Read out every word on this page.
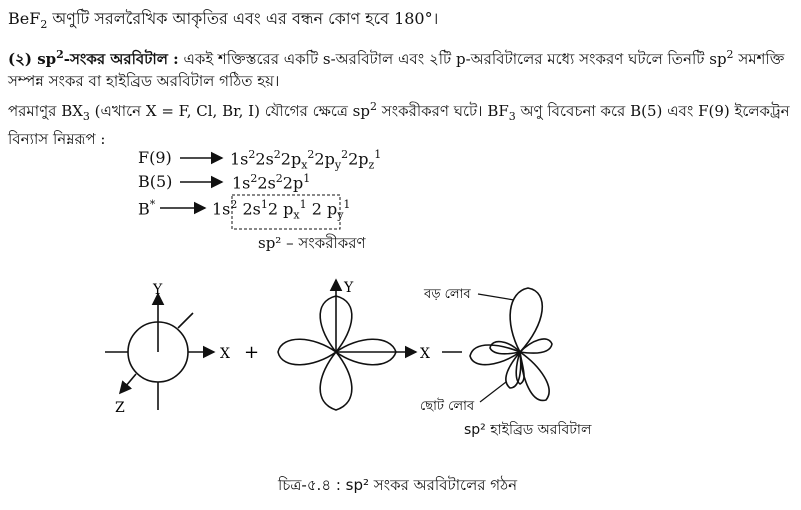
BeF$_2$ অণুটি সরলরৈখিক আকৃতির এবং এর বন্ধন কোণ হবে 180°।
(২) $sp^2-সংকর$ অরবিটাল : একই শক্তিস্তরের একটি s-অরবিটাল এবং ২টি p-অরবিটালের মধ্যে সংকরণ ঘটলে তিনটি $sp^2$ সমশক্তি সম্পন্ন সংকর বা হাইব্রিড অরবিটাল গঠিত হয়।
পরমাণুর $BX_3$ (এখানে X = F, Cl, Br, I) যৌগের ক্ষেত্রে $sp^2$ সংকরীকরণ ঘটে। $BF_3$ অণু বিবেচনা করে B(5) এবং F(9) ইলেকট্রন বিন্যাস নিম্নরূপ :
F(9)
B(5)
B*
$1s^22s^22p_x^22p_y^22p_z^1$
$1s^22s^22p^1$
$1s^2$ $2s^12$ $p_x^1$ 2 $p_y^1$
sp² – সংকরীকরণ
Y
X
Z
+
Y
X
বড় লোব
ছোট লোব
sp² হাইব্রিড অরবিটাল
চিত্র-৫.৪ : sp² সংকর অরবিটালের গঠন
